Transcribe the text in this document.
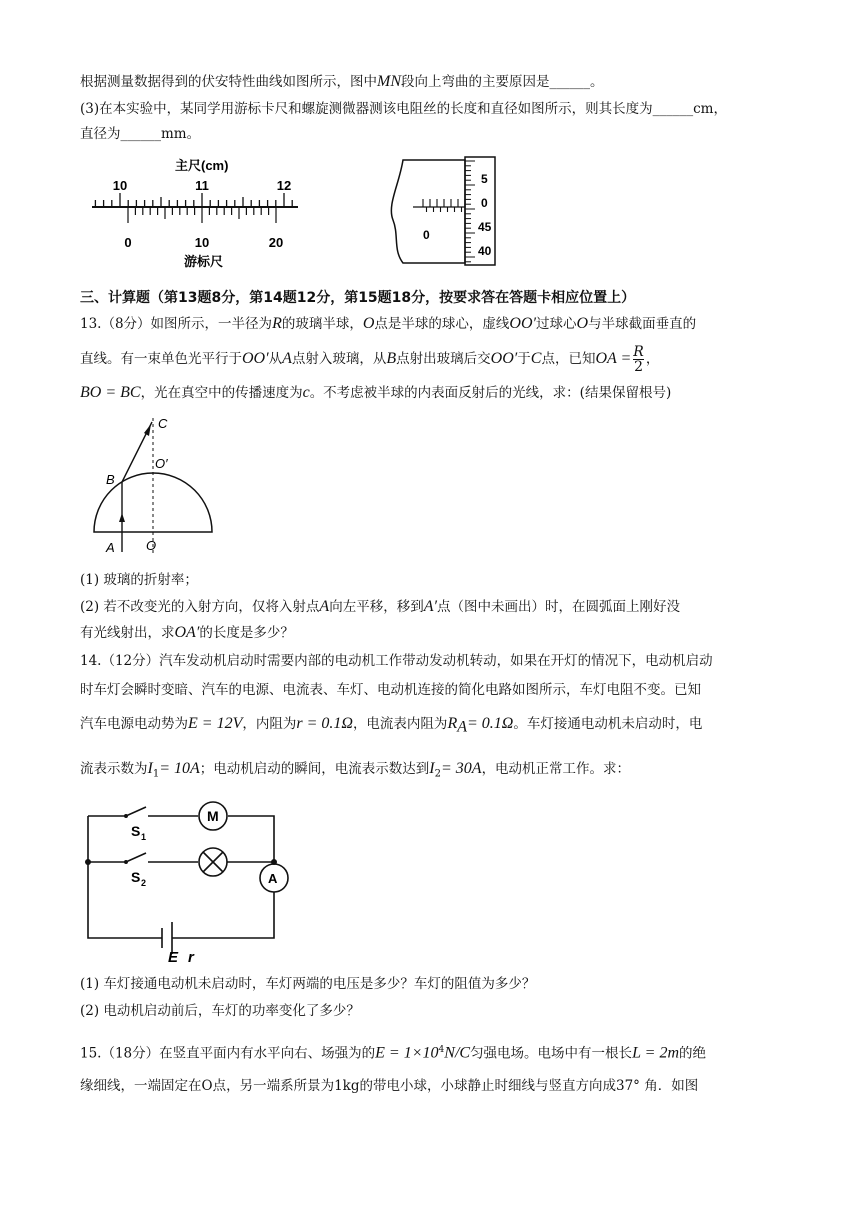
根据测量数据得到的伏安特性曲线如图所示，图中MN段向上弯曲的主要原因是______。
(3)在本实验中，某同学用游标卡尺和螺旋测微器测该电阻丝的长度和直径如图所示，则其长度为______cm，
直径为______mm。
主尺(cm)
10	11	12
0	10	20
游标尺
0
5
0
45
40
三、计算题（第13题8分，第14题12分，第15题18分，按要求答在答题卡相应位置上）
13.（8分）如图所示，一半径为R的玻璃半球，O点是半球的球心，虚线OO′过球心O与半球截面垂直的
直线。有一束单色光平行于OO′从A点射入玻璃，从B点射出玻璃后交OO′于C点，已知OA = $\frac{R}{2}$ ，
BO = BC，光在真空中的传播速度为c。不考虑被半球的内表面反射后的光线，求：(结果保留根号)
C
O′
B
A O
(1) 玻璃的折射率；
(2) 若不改变光的入射方向，仅将入射点A向左平移，移到A′点（图中未画出）时，在圆弧面上刚好没
有光线射出，求OA′的长度是多少？
14.（12分）汽车发动机启动时需要内部的电动机工作带动发动机转动，如果在开灯的情况下，电动机启动
时车灯会瞬时变暗、汽车的电源、电流表、车灯、电动机连接的简化电路如图所示，车灯电阻不变。已知
汽车电源电动势为E = 12V，内阻为r = 0.1Ω，电流表内阻为$R_A= 0.1\Omega$。车灯接通电动机未启动时，电
流表示数为$I_1= 10A$；电动机启动的瞬间，电流表示数达到$I_2= 30A$，电动机正常工作。求：
M
A
S 1
S 2
E r
(1) 车灯接通电动机未启动时，车灯两端的电压是多少？车灯的阻值为多少？
(2) 电动机启动前后，车灯的功率变化了多少？
15.（18分）在竖直平面内有水平向右、场强为的$E = 1\times 10^4N/C$匀强电场。电场中有一根长L = 2m的绝
缘细线，一端固定在O点，另一端系所景为1kg的带电小球，小球静止时细线与竖直方向成37° 角．如图
